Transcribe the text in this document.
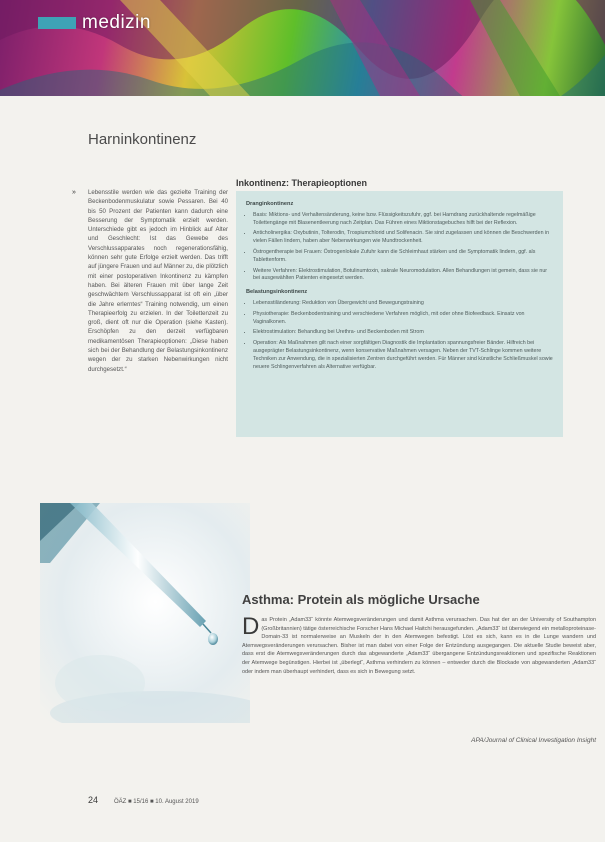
medizin
Harninkontinenz
» Lebensstile werden wie das gezielte Training der Beckenbodenmuskulatur sowie Pessaren. Bei 40 bis 50 Prozent der Patienten kann dadurch eine Besserung der Symptomatik erzielt werden. Unterschiede gibt es jedoch im Hinblick auf Alter und Geschlecht: Ist das Gewebe des Verschlussapparates noch regenerationsfähig, können sehr gute Erfolge erzielt werden. Das trifft auf jüngere Frauen und auf Männer zu, die plötzlich mit einer postoperativen Inkontinenz zu kämpfen haben. Bei älteren Frauen mit über lange Zeit geschwächtem Verschlussapparat ist oft ein „über die Jahre erlerntes“ Training notwendig, um einen Therapieerfolg zu erzielen. In der Toilettenzeit zu groß, dient oft nur die Operation (siehe Kasten). Erschöpfen zu den derzeit verfügbaren medikamentösen Therapieoptionen: „Diese haben sich bei der Behandlung der Belastungsinkontinenz wegen der zu starken Nebenwirkungen nicht durchgesetzt.“
Inkontinenz: Therapieoptionen
Dranginkontinenz
• Basis: Miktions- und Verhaltensänderung, keine bzw. Flüssigkeitszufuhr, ggf. bei Harndrang zurückhaltende regelmäßige Toilettengänge mit Blasenentleerung nach Zeitplan. Das Führen eines Miktionstagebuches hilft bei der Reflexion.
• Anticholinergika: Oxybutinin, Tolterodin, Trospiumchlorid und Solifenacin. Sie sind zugelassen und können die Beschwerden in vielen Fällen lindern, haben aber Nebenwirkungen wie Mundtrockenheit.
• Östrogentherapie bei Frauen: Östrogenlokale Zufuhr kann die Schleimhaut stärken und die Symptomatik lindern, ggf. als Tablettenform.
• Weitere Verfahren: Elektrostimulation, Botulinumtoxin, sakrale Neuromodulation. Allen Behandlungen ist gemein, dass sie nur bei ausgewählten Patienten eingesetzt werden.
Belastungsinkontinenz
• Lebensstiländerung: Reduktion von Übergewicht und Bewegungstraining
• Physiotherapie: Beckenbodentraining und verschiedene Verfahren möglich, mit oder ohne Biofeedback. Einsatz von Vaginalkonen.
• Elektrostimulation: Behandlung bei Urethra- und Beckenboden mit Strom
• Operation: Als Maßnahmen gilt nach einer sorgfältigen Diagnostik die Implantation spannungsfreier Bänder. Hilfreich bei ausgeprägter Belastungsinkontinenz, wenn konservative Maßnahmen versagen. Neben der TVT-Schlinge kommen weitere Techniken zur Anwendung, die in spezialisierten Zentren durchgeführt werden. Für Männer sind künstliche Schließmuskel sowie neuere Schlingenverfahren als Alternative verfügbar.
Asthma: Protein als mögliche Ursache
Das Protein „Adam33“ könnte Atemwegsveränderungen und damit Asthma verursachen. Das hat der an der University of Southampton (Großbritannien) tätige österreichische Forscher Hans Michael Haitchi herausgefunden. „Adam33“ ist überwiegend ein metalloproteinase-Domain-33 ist normalerweise an Muskeln der in den Atemwegen befestigt. Löst es sich, kann es in die Lunge wandern und Atemwegsveränderungen verursachen. Bisher ist man dabei von einer Folge der Entzündung ausgegangen. Die aktuelle Studie beweist aber, dass erst die Atemwegsveränderungen durch das abgewanderte „Adam33“ übergangene Entzündungsreaktionen und spezifische Reaktionen der Atemwege begünstigen. Hierbei ist „überlegt“, Asthma verhindern zu können – entweder durch die Blockade von abgewanderten „Adam33“ oder indem man überhaupt verhindert, dass es sich in Bewegung setzt.
APA/Journal of Clinical Investigation Insight
24	ÖÄZ ■ 15/16 ■ 10. August 2019
